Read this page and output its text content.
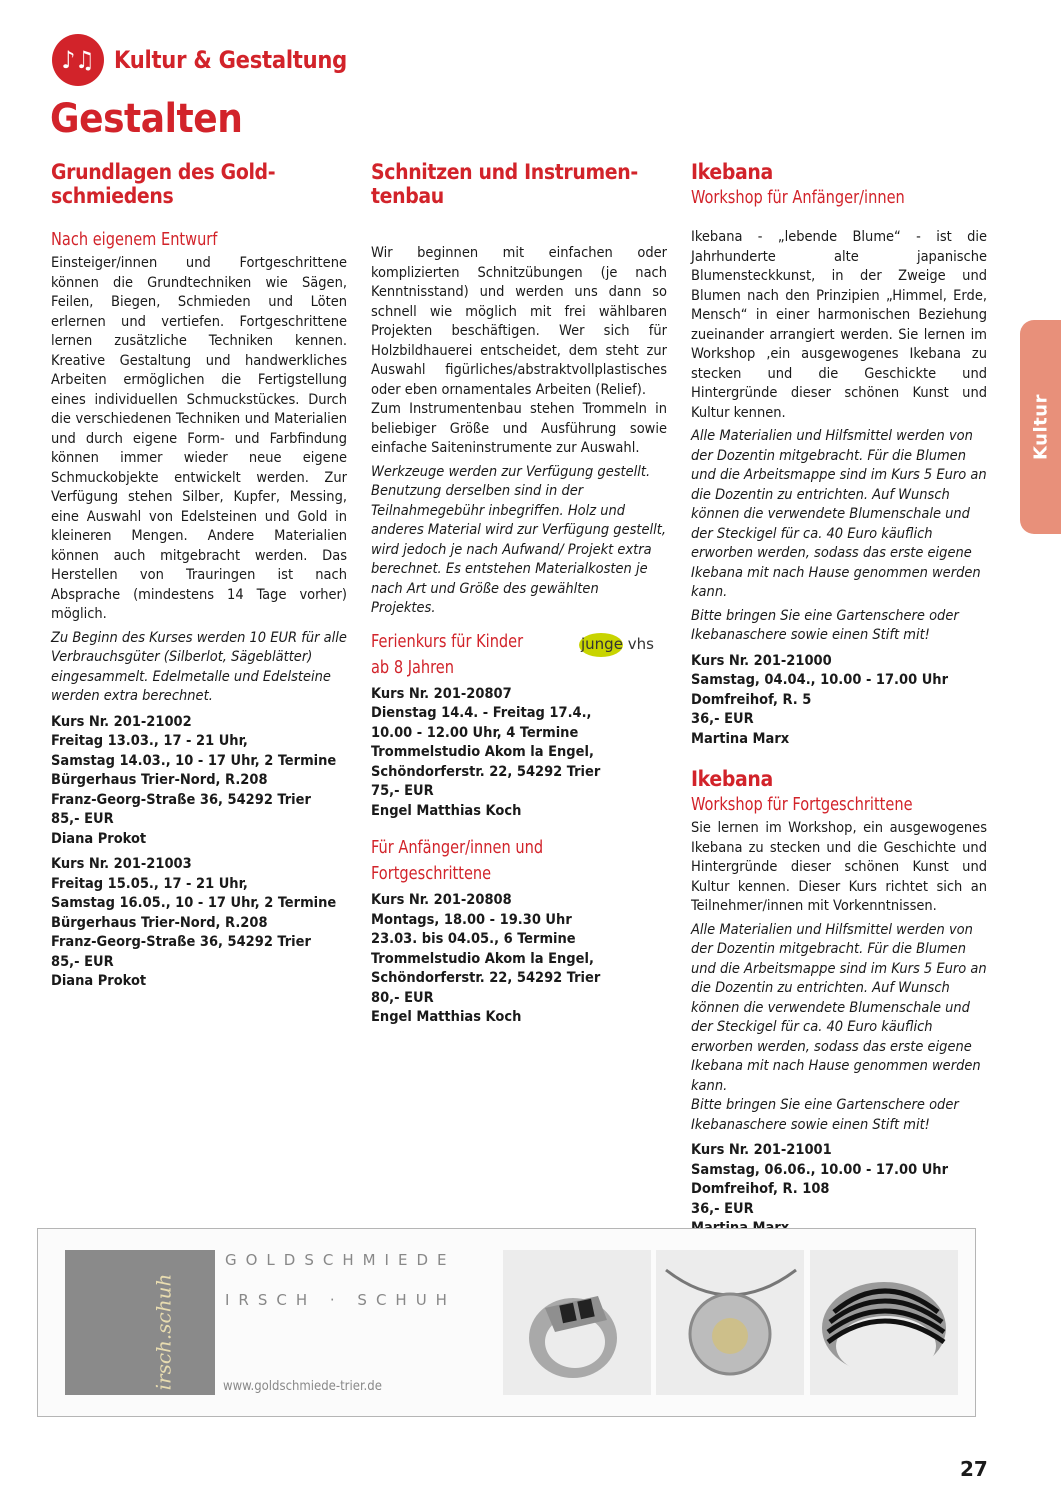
♪♫ Kultur & Gestaltung
Gestalten
Grundlagen des Gold-
schmiedens
Nach eigenem Entwurf

Einsteiger/innen und Fortgeschrittene können die Grundtechniken wie Sägen, Feilen, Biegen, Schmieden und Löten erlernen und vertiefen. Fortgeschrittene lernen zusätzliche Techniken kennen. Kreative Gestaltung und handwerkliches Arbeiten ermöglichen die Fertigstellung eines individuellen Schmuckstückes. Durch die verschiedenen Techniken und Materialien und durch eigene Form- und Farbfindung können immer wieder neue eigene Schmuckobjekte entwickelt werden. Zur Verfügung stehen Silber, Kupfer, Messing, eine Auswahl von Edelsteinen und Gold in kleineren Mengen. Andere Materialien können auch mitgebracht werden. Das Herstellen von Trauringen ist nach Absprache (mindestens 14 Tage vorher) möglich.

Zu Beginn des Kurses werden 10 EUR für alle Verbrauchsgüter (Silberlot, Sägeblätter) eingesammelt. Edelmetalle und Edelsteine werden extra berechnet.

Kurs Nr. 201-21002
Freitag 13.03., 17 - 21 Uhr,
Samstag 14.03., 10 - 17 Uhr, 2 Termine
Bürgerhaus Trier-Nord, R.208
Franz-Georg-Straße 36, 54292 Trier
85,- EUR
Diana Prokot
Kurs Nr. 201-21003
Freitag 15.05., 17 - 21 Uhr,
Samstag 16.05., 10 - 17 Uhr, 2 Termine
Bürgerhaus Trier-Nord, R.208
Franz-Georg-Straße 36, 54292 Trier
85,- EUR
Diana Prokot
Schnitzen und Instrumen-
tenbau

Wir beginnen mit einfachen oder komplizierten Schnitzübungen (je nach Kenntnisstand) und werden uns dann so schnell wie möglich mit frei wählbaren Projekten beschäftigen. Wer sich für Holzbildhauerei entscheidet, dem steht zur Auswahl figürliches/abstraktvollplastisches oder eben ornamentales Arbeiten (Relief).

Zum Instrumentenbau stehen Trommeln in beliebiger Größe und Ausführung sowie einfache Saiteninstrumente zur Auswahl.

Werkzeuge werden zur Verfügung gestellt. Benutzung derselben sind in der Teilnahmegebühr inbegriffen. Holz und anderes Material wird zur Verfügung gestellt, wird jedoch je nach Aufwand/ Projekt extra berechnet. Es entstehen Materialkosten je nach Art und Größe des gewählten Projektes.

Ferienkurs für Kinder
ab 8 Jahren
junge vhs
Kurs Nr. 201-20807
Dienstag 14.4. - Freitag 17.4.,
10.00 - 12.00 Uhr, 4 Termine
Trommelstudio Akom la Engel,
Schöndorferstr. 22, 54292 Trier
75,- EUR
Engel Matthias Koch
Für Anfänger/innen und
Fortgeschrittene
Kurs Nr. 201-20808
Montags, 18.00 - 19.30 Uhr
23.03. bis 04.05., 6 Termine
Trommelstudio Akom la Engel,
Schöndorferstr. 22, 54292 Trier
80,- EUR
Engel Matthias Koch
Ikebana
Workshop für Anfänger/innen

Ikebana - „lebende Blume“ - ist die Jahrhunderte alte japanische Blumensteckkunst, in der Zweige und Blumen nach den Prinzipien „Himmel, Erde, Mensch“ in einer harmonischen Beziehung zueinander arrangiert werden. Sie lernen im Workshop ‚ein ausgewogenes Ikebana zu stecken und die Geschickte und Hintergründe dieser schönen Kunst und Kultur kennen.

Alle Materialien und Hilfsmittel werden von der Dozentin mitgebracht. Für die Blumen und die Arbeitsmappe sind im Kurs 5 Euro an die Dozentin zu entrichten. Auf Wunsch können die verwendete Blumenschale und der Steckigel für ca. 40 Euro käuflich erworben werden, sodass das erste eigene Ikebana mit nach Hause genommen werden kann.

Bitte bringen Sie eine Gartenschere oder Ikebanaschere sowie einen Stift mit!

Kurs Nr. 201-21000
Samstag, 04.04., 10.00 - 17.00 Uhr
Domfreihof, R. 5
36,- EUR
Martina Marx
Ikebana
Workshop für Fortgeschrittene

Sie lernen im Workshop, ein ausgewogenes Ikebana zu stecken und die Geschichte und Hintergründe dieser schönen Kunst und Kultur kennen. Dieser Kurs richtet sich an Teilnehmer/innen mit Vorkenntnissen.

Alle Materialien und Hilfsmittel werden von der Dozentin mitgebracht. Für die Blumen und die Arbeitsmappe sind im Kurs 5 Euro an die Dozentin zu entrichten. Auf Wunsch können die verwendete Blumenschale und der Steckigel für ca. 40 Euro käuflich erworben werden, sodass das erste eigene Ikebana mit nach Hause genommen werden kann.

Bitte bringen Sie eine Gartenschere oder Ikebanaschere sowie einen Stift mit!

Kurs Nr. 201-21001
Samstag, 06.06., 10.00 - 17.00 Uhr
Domfreihof, R. 108
36,- EUR
Kultur
irsch.schuh
GOLDSCHMIEDE
IRSCH · SCHUH
www.goldschmiede-trier.de
27
